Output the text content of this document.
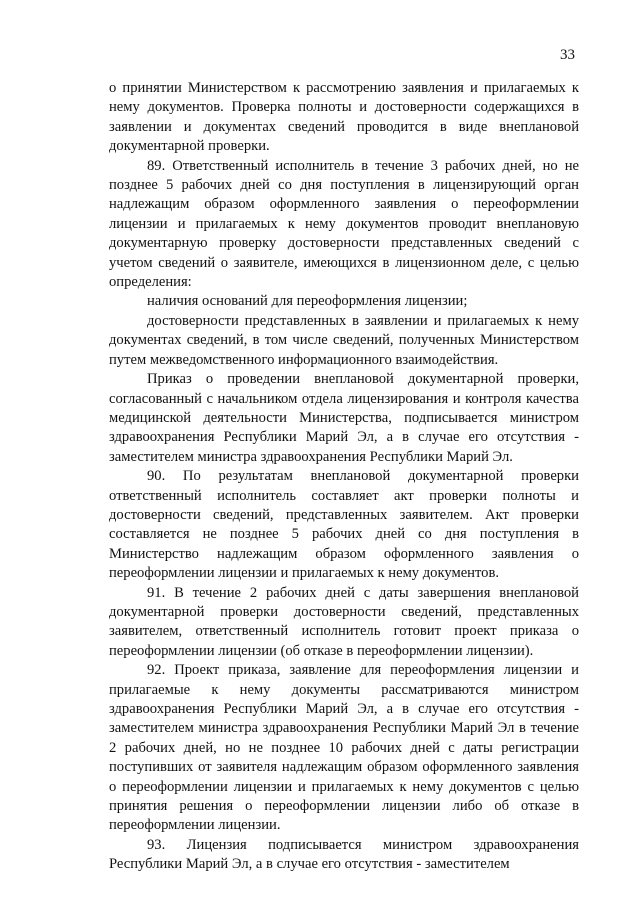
33

о принятии Министерством к рассмотрению заявления и прилагаемых к нему документов. Проверка полноты и достоверности содержащихся в заявлении и документах сведений проводится в виде внеплановой документарной проверки.

89. Ответственный исполнитель в течение 3 рабочих дней, но не позднее 5 рабочих дней со дня поступления в лицензирующий орган надлежащим образом оформленного заявления о переоформлении лицензии и прилагаемых к нему документов проводит внеплановую документарную проверку достоверности представленных сведений с учетом сведений о заявителе, имеющихся в лицензионном деле, с целью определения:

наличия оснований для переоформления лицензии;

достоверности представленных в заявлении и прилагаемых к нему документах сведений, в том числе сведений, полученных Министерством путем межведомственного информационного взаимодействия.

Приказ о проведении внеплановой документарной проверки, согласованный с начальником отдела лицензирования и контроля качества медицинской деятельности Министерства, подписывается министром здравоохранения Республики Марий Эл, а в случае его отсутствия - заместителем министра здравоохранения Республики Марий Эл.

90. По результатам внеплановой документарной проверки ответственный исполнитель составляет акт проверки полноты и достоверности сведений, представленных заявителем. Акт проверки составляется не позднее 5 рабочих дней со дня поступления в Министерство надлежащим образом оформленного заявления о переоформлении лицензии и прилагаемых к нему документов.

91. В течение 2 рабочих дней с даты завершения внеплановой документарной проверки достоверности сведений, представленных заявителем, ответственный исполнитель готовит проект приказа о переоформлении лицензии (об отказе в переоформлении лицензии).

92. Проект приказа, заявление для переоформления лицензии и прилагаемые к нему документы рассматриваются министром здравоохранения Республики Марий Эл, а в случае его отсутствия - заместителем министра здравоохранения Республики Марий Эл в течение 2 рабочих дней, но не позднее 10 рабочих дней с даты регистрации поступивших от заявителя надлежащим образом оформленного заявления о переоформлении лицензии и прилагаемых к нему документов с целью принятия решения о переоформлении лицензии либо об отказе в переоформлении лицензии.

93. Лицензия подписывается министром здравоохранения Республики Марий Эл, а в случае его отсутствия - заместителем
